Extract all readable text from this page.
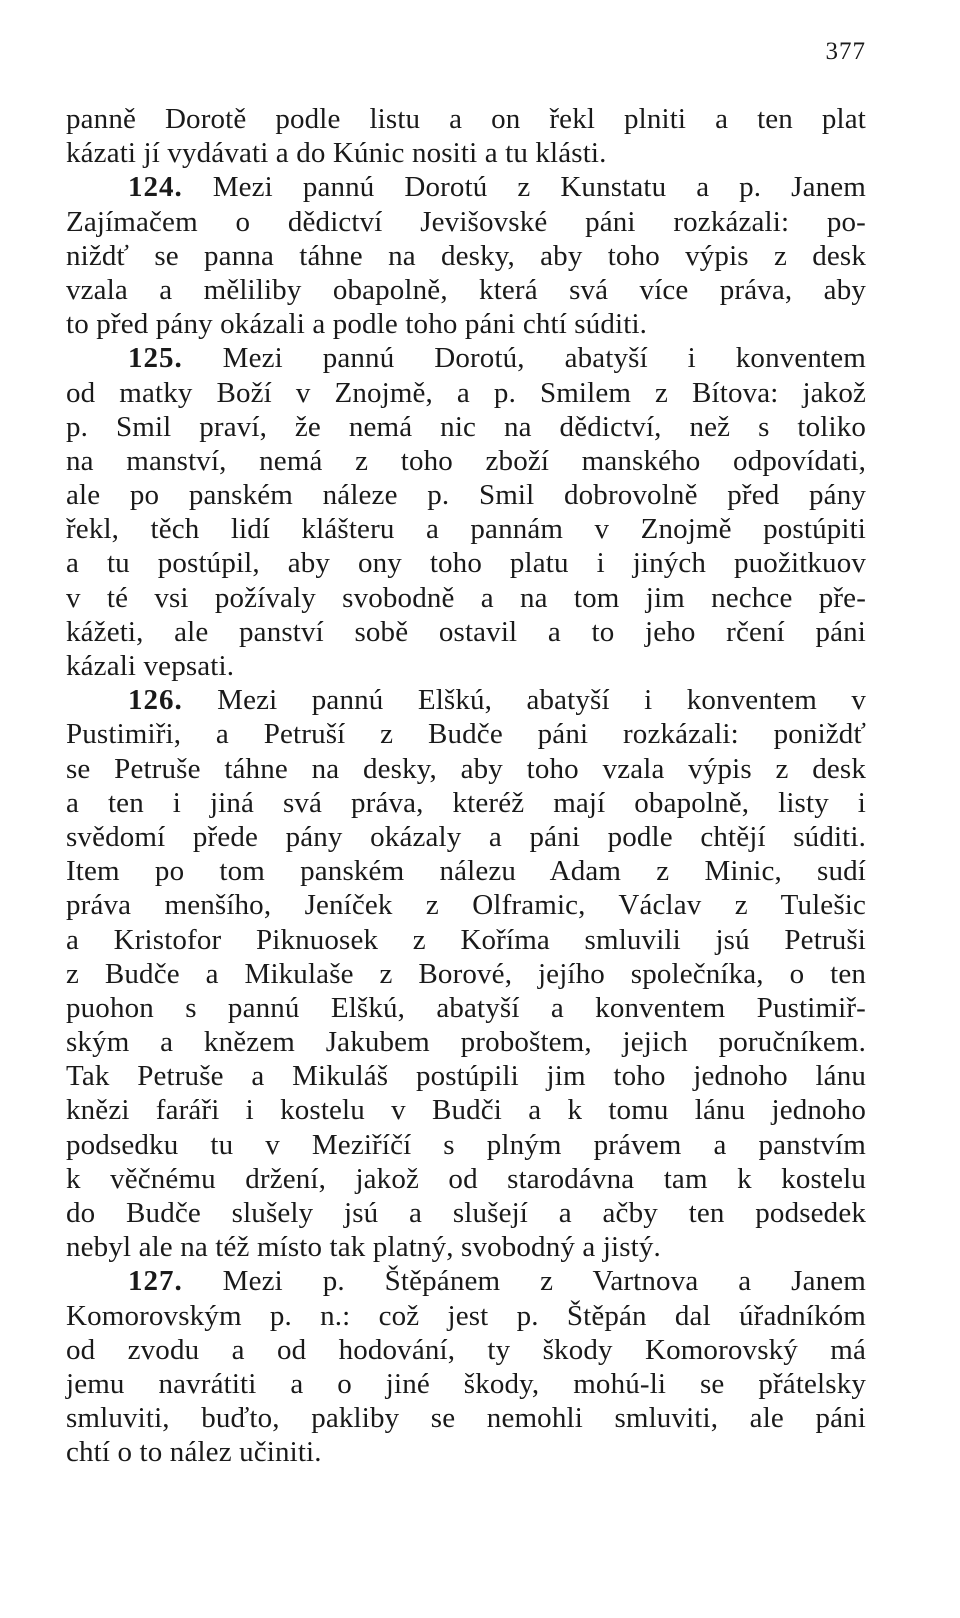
377
panně Dorotě podle listu a on řekl plniti a ten plat
kázati jí vydávati a do Kúnic nositi a tu klásti.
124. Mezi pannú Dorotú z Kunstatu a p. Janem
Zajímačem o dědictví Jevišovské páni rozkázali: po-
niždť se panna táhne na desky, aby toho výpis z desk
vzala a měliliby obapolně, která svá více práva, aby
to před pány okázali a podle toho páni chtí súditi.
125. Mezi pannú Dorotú, abatyší i konventem
od matky Boží v Znojmě, a p. Smilem z Bítova: jakož
p. Smil praví, že nemá nic na dědictví, než s toliko
na manství, nemá z toho zboží manského odpovídati,
ale po panském náleze p. Smil dobrovolně před pány
řekl, těch lidí klášteru a pannám v Znojmě postúpiti
a tu postúpil, aby ony toho platu i jiných puožitkuov
v té vsi požívaly svobodně a na tom jim nechce pře-
kážeti, ale panství sobě ostavil a to jeho rčení páni
kázali vepsati.
126. Mezi pannú Elškú, abatyší i konventem v
Pustimiři, a Petruší z Budče páni rozkázali: poniždť
se Petruše táhne na desky, aby toho vzala výpis z desk
a ten i jiná svá práva, kteréž mají obapolně, listy i
svědomí přede pány okázaly a páni podle chtějí súditi.
Item po tom panském nálezu Adam z Minic, sudí
práva menšího, Jeníček z Olframic, Václav z Tulešic
a Kristofor Piknuosek z Koříma smluvili jsú Petruši
z Budče a Mikulaše z Borové, jejího společníka, o ten
puohon s pannú Elškú, abatyší a konventem Pustimiř-
ským a knězem Jakubem proboštem, jejich poručníkem.
Tak Petruše a Mikuláš postúpili jim toho jednoho lánu
knězi faráři i kostelu v Budči a k tomu lánu jednoho
podsedku tu v Meziříčí s plným právem a panstvím
k věčnému držení, jakož od starodávna tam k kostelu
do Budče slušely jsú a slušejí a ačby ten podsedek
nebyl ale na též místo tak platný, svobodný a jistý.
127. Mezi p. Štěpánem z Vartnova a Janem
Komorovským p. n.: což jest p. Štěpán dal úřadníkóm
od zvodu a od hodování, ty škody Komorovský má
jemu navrátiti a o jiné škody, mohú-li se přátelsky
smluviti, buďto, pakliby se nemohli smluviti, ale páni
chtí o to nález učiniti.
